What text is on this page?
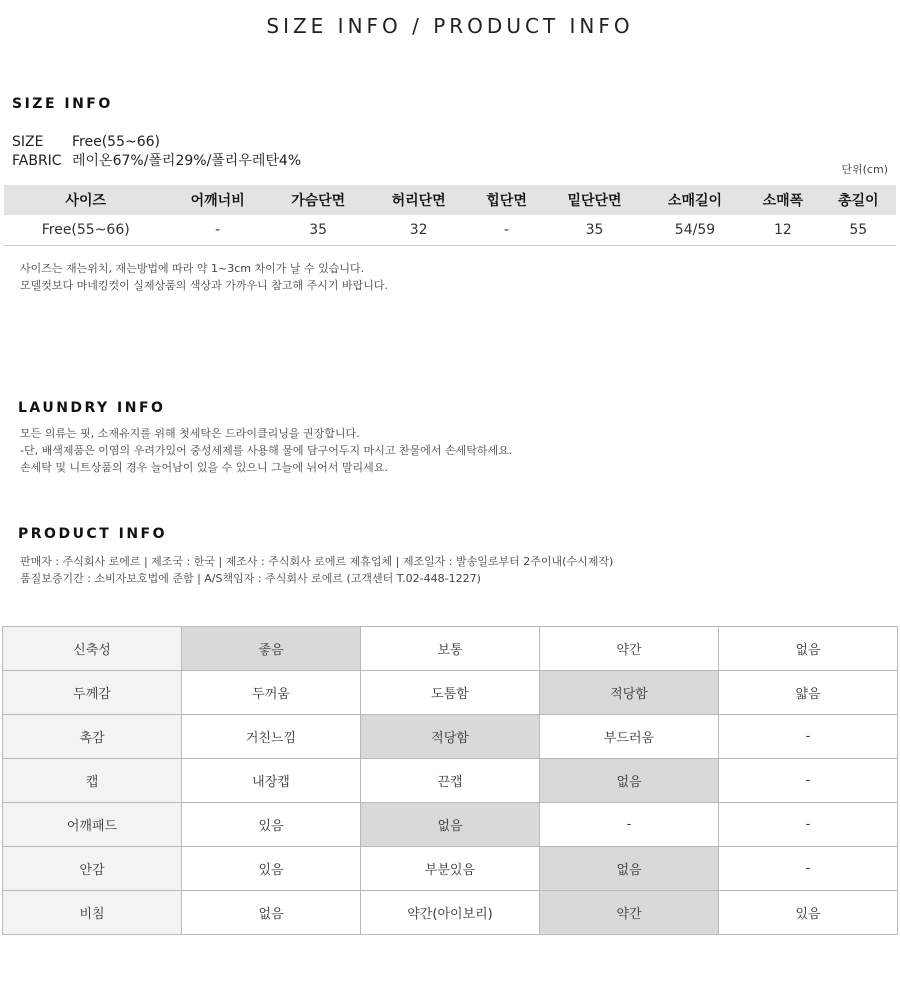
SIZE INFO / PRODUCT INFO
SIZE INFO
SIZE Free(55~66)
FABRIC 레이온67%/폴리29%/폴리우레탄4%
단위(cm)
사이즈	어깨너비	가슴단면	허리단면	힙단면	밑단단면	소매길이	소매폭	총길이
Free(55~66)	-	35	32	-	35	54/59	12	55
사이즈는 재는위치, 재는방법에 따라 약 1~3cm 차이가 날 수 있습니다.
모델컷보다 마네킹컷이 실제상품의 색상과 가까우니 참고해 주시기 바랍니다.
LAUNDRY INFO
모든 의류는 핏, 소재유지를 위해 첫세탁은 드라이클리닝을 권장합니다.
-단, 배색제품은 이염의 우려가있어 중성세제를 사용해 물에 담구어두지 마시고 찬물에서 손세탁하세요.
손세탁 및 니트상품의 경우 늘어남이 있을 수 있으니 그늘에 뉘어서 말리세요.
PRODUCT INFO
판매자 : 주식회사 로에르 | 제조국 : 한국 | 제조사 : 주식회사 로에르 제휴업체 | 제조일자 : 발송일로부터 2주이내(수시제작)
품질보증기간 : 소비자보호법에 준함 | A/S책임자 : 주식회사 로에르 (고객센터 T.02-448-1227)
신축성	좋음	보통	약간	없음
두께감	두꺼움	도톰함	적당함	얇음
촉감	거친느낌	적당함	부드러움	-
캡	내장캡	끈캡	없음	-
어깨패드	있음	없음	-	-
안감	있음	부분있음	없음	-
비침	없음	약간(아이보리)	약간	있음
